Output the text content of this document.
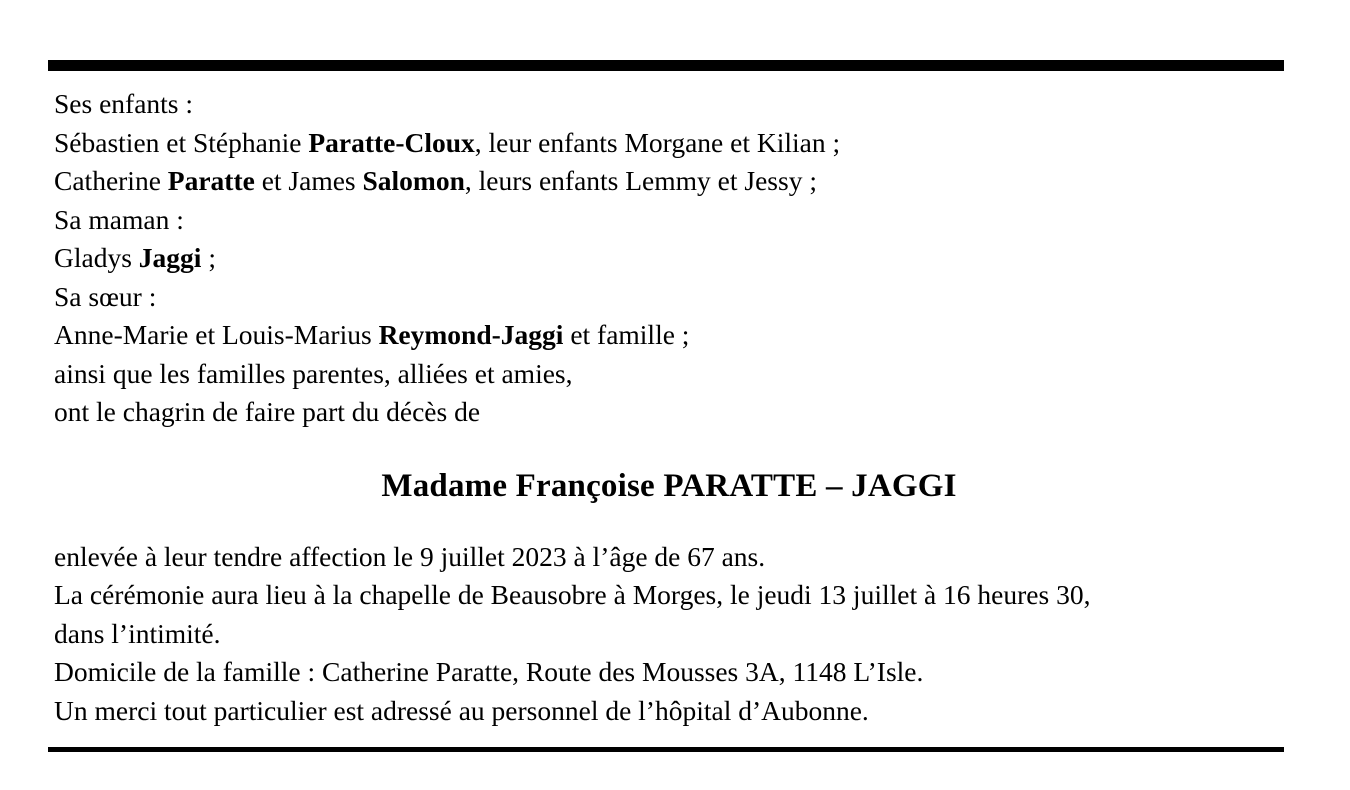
Ses enfants :
Sébastien et Stéphanie Paratte-Cloux, leur enfants Morgane et Kilian ;
Catherine Paratte et James Salomon, leurs enfants Lemmy et Jessy ;
Sa maman :
Gladys Jaggi ;
Sa sœur :
Anne-Marie et Louis-Marius Reymond-Jaggi et famille ;
ainsi que les familles parentes, alliées et amies,
ont le chagrin de faire part du décès de
Madame Françoise PARATTE – JAGGI
enlevée à leur tendre affection le 9 juillet 2023 à l’âge de 67 ans.
La cérémonie aura lieu à la chapelle de Beausobre à Morges, le jeudi 13 juillet à 16 heures 30,
dans l’intimité.
Domicile de la famille : Catherine Paratte, Route des Mousses 3A, 1148 L’Isle.
Un merci tout particulier est adressé au personnel de l’hôpital d’Aubonne.
